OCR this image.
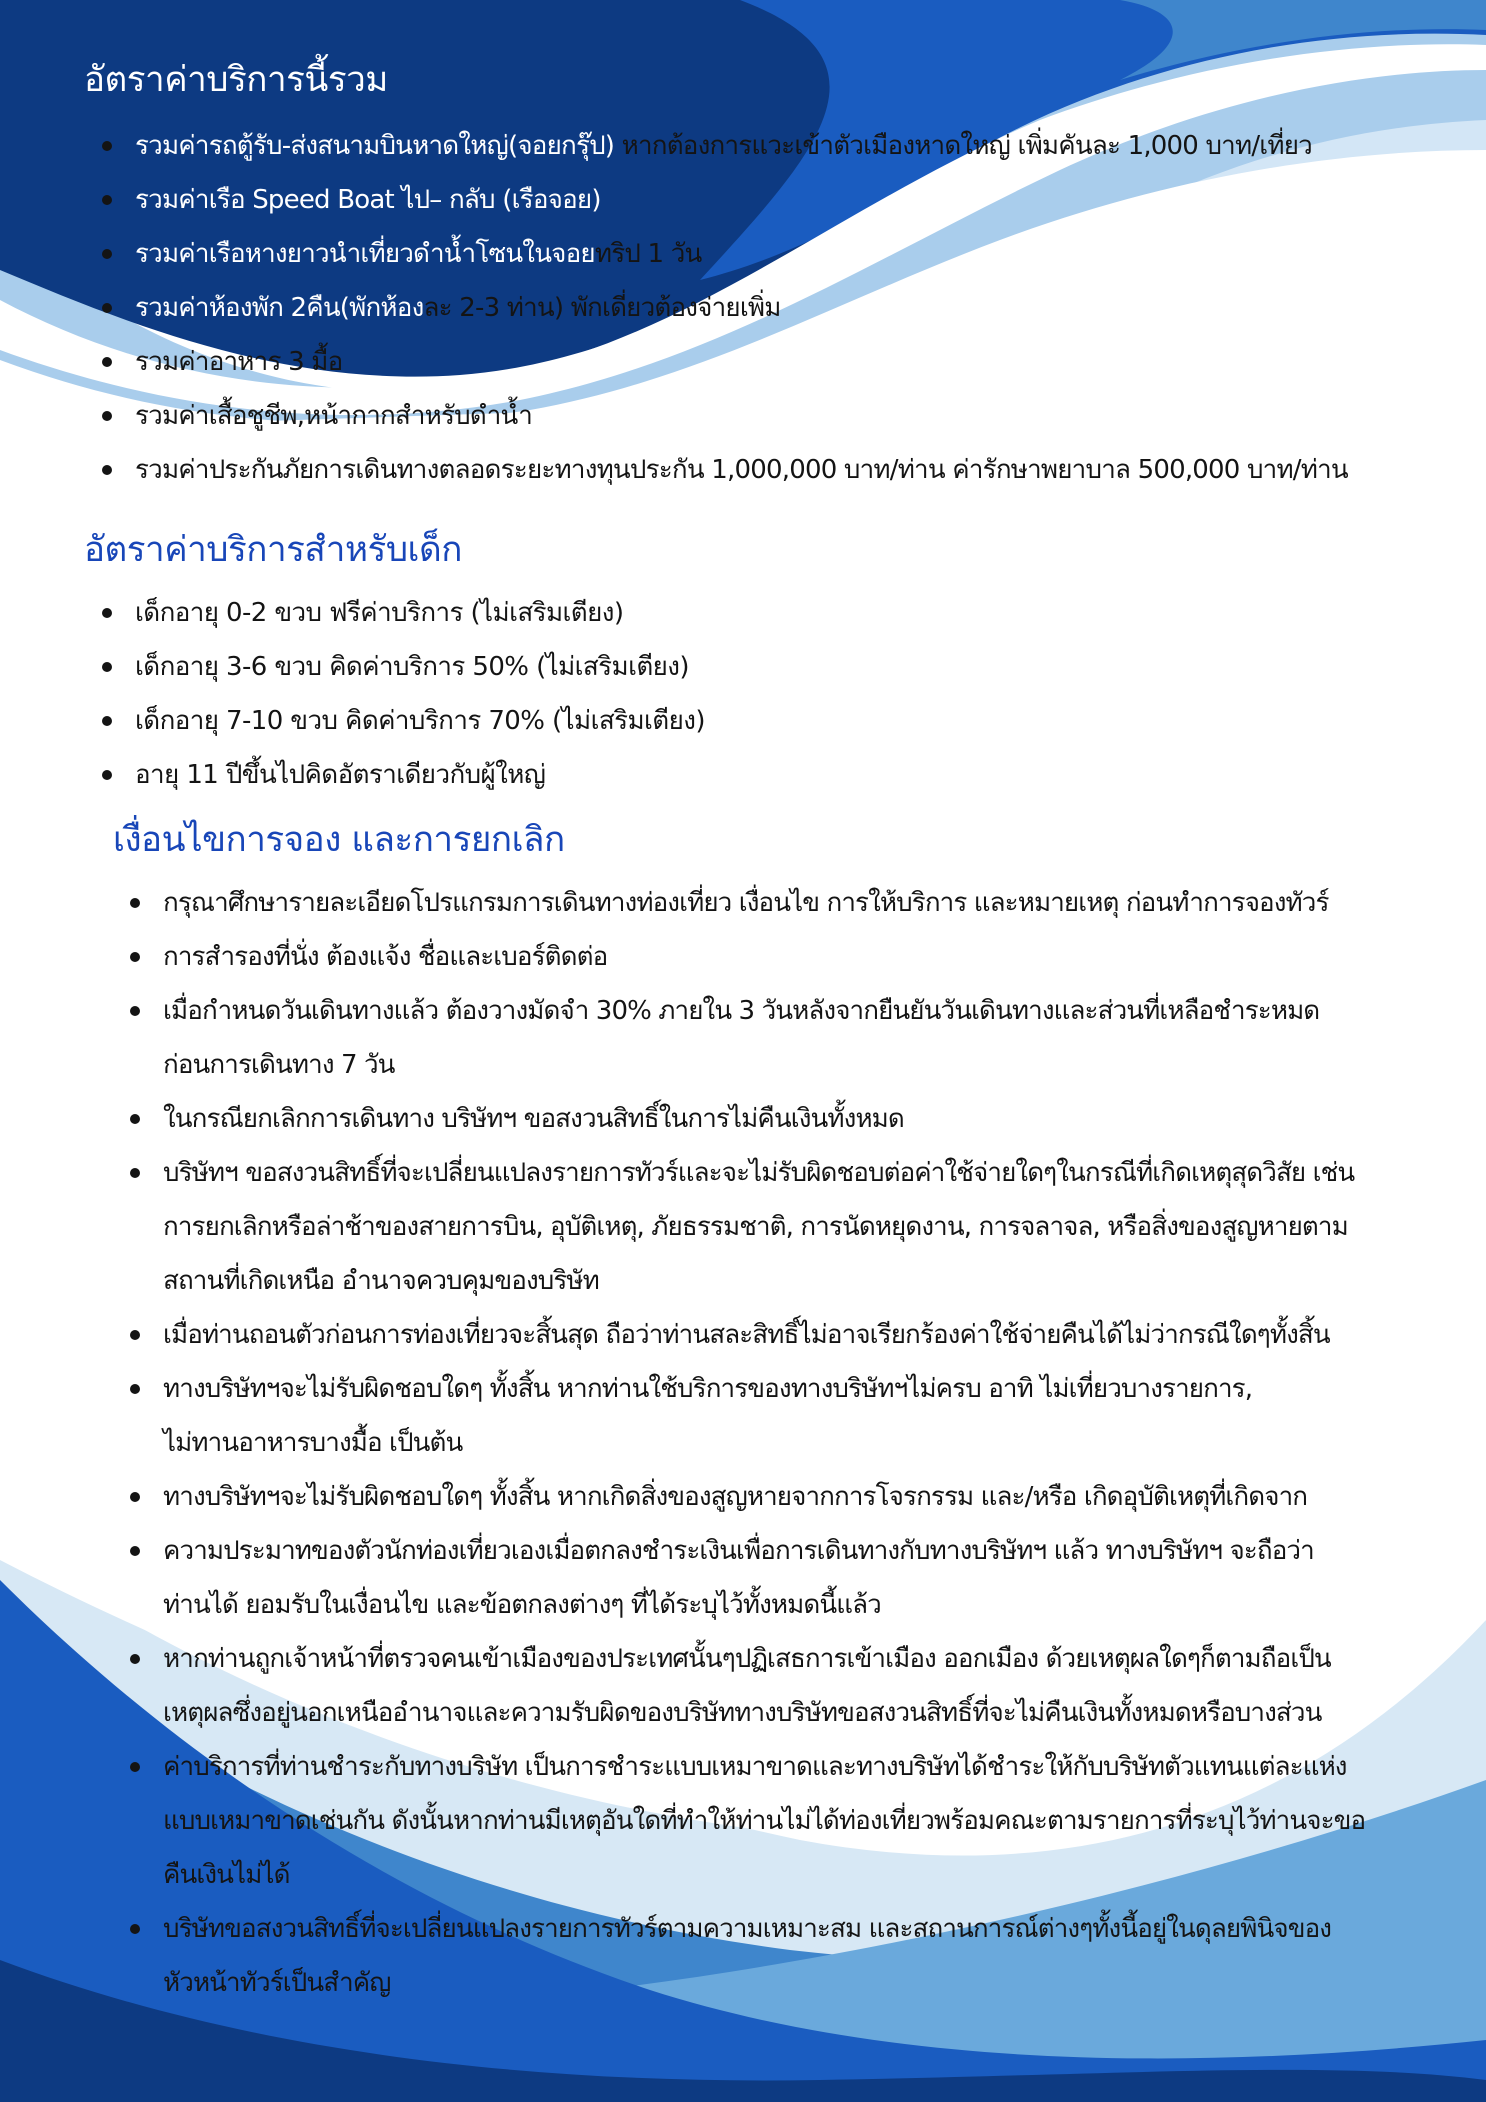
อัตราค่าบริการนี้รวม
รวมค่ารถตู้รับ-ส่งสนามบินหาดใหญ่(จอยกรุ๊ป) หากต้องการแวะเข้าตัวเมืองหาดใหญ่ เพิ่มคันละ 1,000 บาท/เที่ยว
รวมค่าเรือ Speed Boat ไป– กลับ (เรือจอย)
รวมค่าเรือหางยาวนำเที่ยวดำน้ำโซนในจอยทริป 1 วัน
รวมค่าห้องพัก 2คืน(พักห้องละ 2-3 ท่าน) พักเดี่ยวต้องจ่ายเพิ่ม
รวมค่าอาหาร 3 มื้อ
รวมค่าเสื้อชูชีพ,หน้ากากสำหรับดำน้ำ
รวมค่าประกันภัยการเดินทางตลอดระยะทางทุนประกัน 1,000,000 บาท/ท่าน ค่ารักษาพยาบาล 500,000 บาท/ท่าน
อัตราค่าบริการสำหรับเด็ก
เด็กอายุ 0-2 ขวบ ฟรีค่าบริการ (ไม่เสริมเตียง)
เด็กอายุ 3-6 ขวบ คิดค่าบริการ 50% (ไม่เสริมเตียง)
เด็กอายุ 7-10 ขวบ คิดค่าบริการ 70% (ไม่เสริมเตียง)
อายุ 11 ปีขึ้นไปคิดอัตราเดียวกับผู้ใหญ่
เงื่อนไขการจอง และการยกเลิก
กรุณาศึกษารายละเอียดโปรแกรมการเดินทางท่องเที่ยว เงื่อนไข การให้บริการ และหมายเหตุ ก่อนทำการจองทัวร์
การสำรองที่นั่ง ต้องแจ้ง ชื่อและเบอร์ติดต่อ
เมื่อกำหนดวันเดินทางแล้ว ต้องวางมัดจำ 30% ภายใน 3 วันหลังจากยืนยันวันเดินทางและส่วนที่เหลือชำระหมด
ก่อนการเดินทาง 7 วัน
ในกรณียกเลิกการเดินทาง บริษัทฯ ขอสงวนสิทธิ์ในการไม่คืนเงินทั้งหมด
บริษัทฯ ขอสงวนสิทธิ์ที่จะเปลี่ยนแปลงรายการทัวร์และจะไม่รับผิดชอบต่อค่าใช้จ่ายใดๆในกรณีที่เกิดเหตุสุดวิสัย เช่น
การยกเลิกหรือล่าช้าของสายการบิน, อุบัติเหตุ, ภัยธรรมชาติ, การนัดหยุดงาน, การจลาจล, หรือสิ่งของสูญหายตาม
สถานที่เกิดเหนือ อำนาจควบคุมของบริษัท
เมื่อท่านถอนตัวก่อนการท่องเที่ยวจะสิ้นสุด ถือว่าท่านสละสิทธิ์ไม่อาจเรียกร้องค่าใช้จ่ายคืนได้ไม่ว่ากรณีใดๆทั้งสิ้น
ทางบริษัทฯจะไม่รับผิดชอบใดๆ ทั้งสิ้น หากท่านใช้บริการของทางบริษัทฯไม่ครบ อาทิ ไม่เที่ยวบางรายการ,
ไม่ทานอาหารบางมื้อ เป็นต้น
ทางบริษัทฯจะไม่รับผิดชอบใดๆ ทั้งสิ้น หากเกิดสิ่งของสูญหายจากการโจรกรรม และ/หรือ เกิดอุบัติเหตุที่เกิดจาก
ความประมาทของตัวนักท่องเที่ยวเองเมื่อตกลงชำระเงินเพื่อการเดินทางกับทางบริษัทฯ แล้ว ทางบริษัทฯ จะถือว่า
ท่านได้ ยอมรับในเงื่อนไข และข้อตกลงต่างๆ ที่ได้ระบุไว้ทั้งหมดนี้แล้ว
หากท่านถูกเจ้าหน้าที่ตรวจคนเข้าเมืองของประเทศนั้นๆปฏิเสธการเข้าเมือง ออกเมือง ด้วยเหตุผลใดๆก็ตามถือเป็น
เหตุผลซึ่งอยู่นอกเหนืออำนาจและความรับผิดของบริษัททางบริษัทขอสงวนสิทธิ์ที่จะไม่คืนเงินทั้งหมดหรือบางส่วน
ค่าบริการที่ท่านชำระกับทางบริษัท เป็นการชำระแบบเหมาขาดและทางบริษัทได้ชำระให้กับบริษัทตัวแทนแต่ละแห่ง
แบบเหมาขาดเช่นกัน ดังนั้นหากท่านมีเหตุอันใดที่ทำให้ท่านไม่ได้ท่องเที่ยวพร้อมคณะตามรายการที่ระบุไว้ท่านจะขอ
คืนเงินไม่ได้
บริษัทขอสงวนสิทธิ์ที่จะเปลี่ยนแปลงรายการทัวร์ตามความเหมาะสม และสถานการณ์ต่างๆทั้งนี้อยู่ในดุลยพินิจของ
หัวหน้าทัวร์เป็นสำคัญ
